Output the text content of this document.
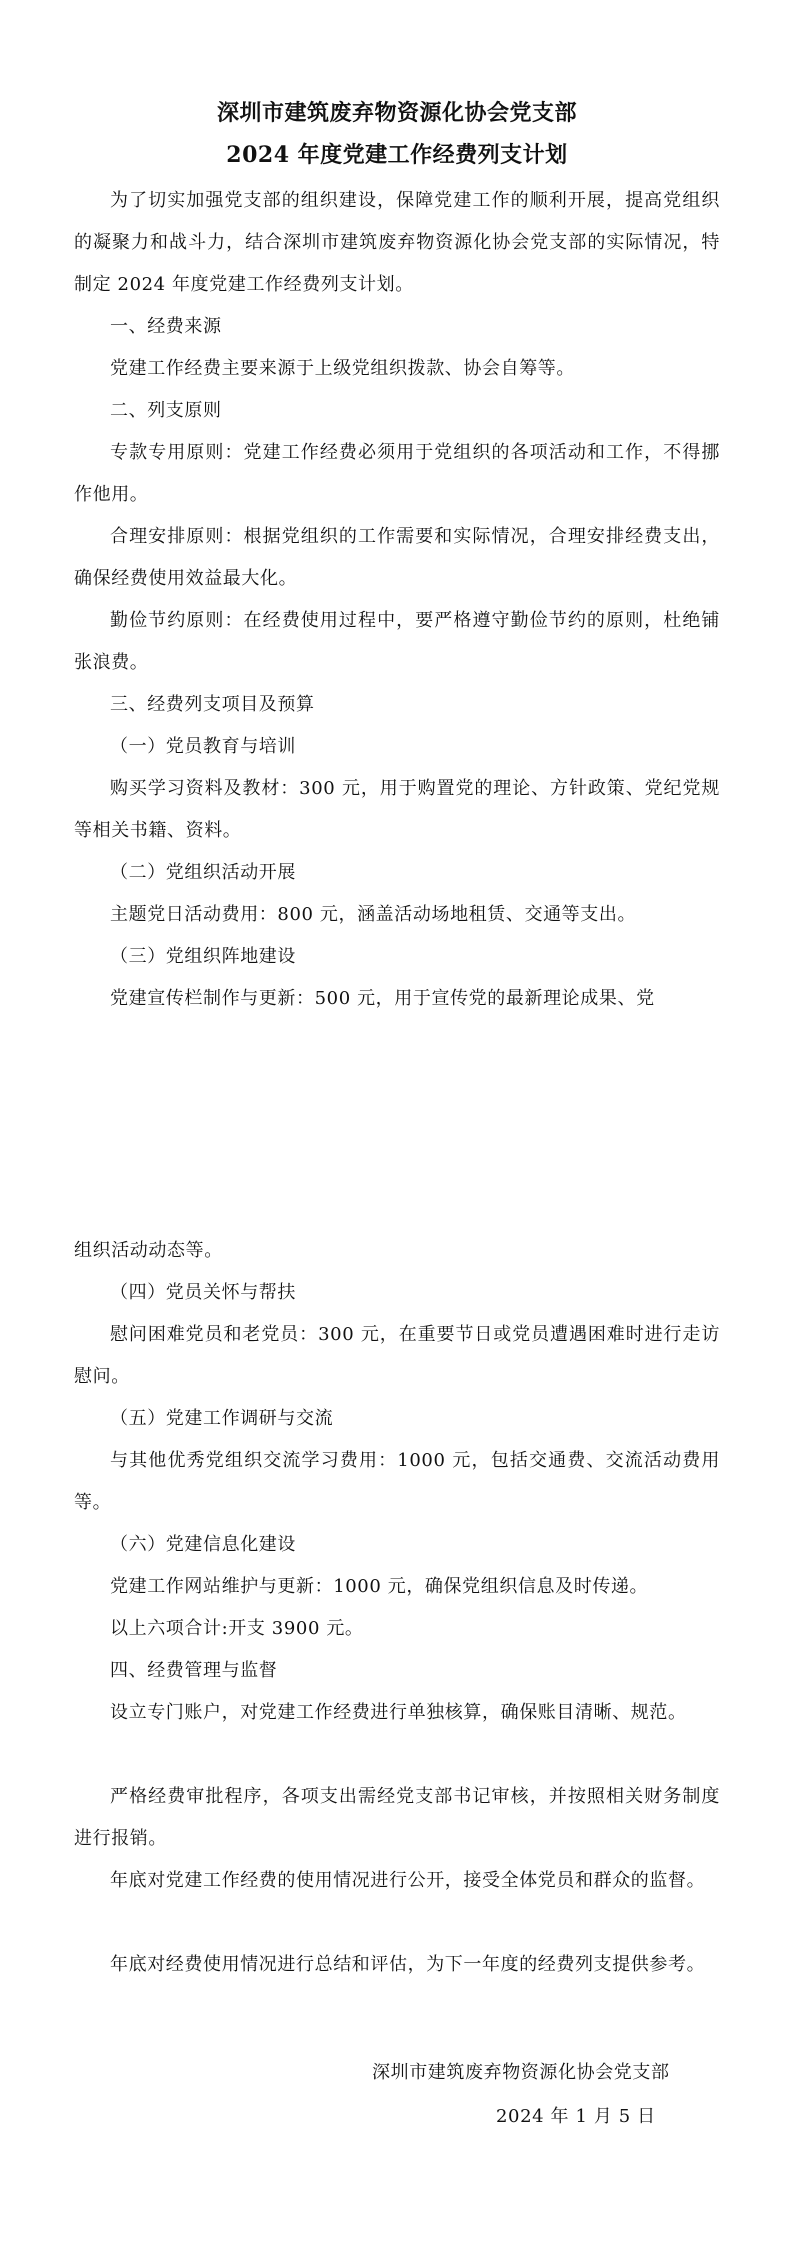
深圳市建筑废弃物资源化协会党支部
2024 年度党建工作经费列支计划

为了切实加强党支部的组织建设，保障党建工作的顺利开展，提高党组织的凝聚力和战斗力，结合深圳市建筑废弃物资源化协会党支部的实际情况，特制定 2024 年度党建工作经费列支计划。

一、经费来源

党建工作经费主要来源于上级党组织拨款、协会自筹等。

二、列支原则

专款专用原则：党建工作经费必须用于党组织的各项活动和工作，不得挪作他用。

合理安排原则：根据党组织的工作需要和实际情况，合理安排经费支出，确保经费使用效益最大化。

勤俭节约原则：在经费使用过程中，要严格遵守勤俭节约的原则，杜绝铺张浪费。

三、经费列支项目及预算

（一）党员教育与培训

购买学习资料及教材：300 元，用于购置党的理论、方针政策、党纪党规等相关书籍、资料。

（二）党组织活动开展

主题党日活动费用：800 元，涵盖活动场地租赁、交通等支出。

（三）党组织阵地建设

党建宣传栏制作与更新：500 元，用于宣传党的最新理论成果、党

组织活动动态等。

（四）党员关怀与帮扶

慰问困难党员和老党员：300 元，在重要节日或党员遭遇困难时进行走访慰问。

（五）党建工作调研与交流

与其他优秀党组织交流学习费用：1000 元，包括交通费、交流活动费用等。

（六）党建信息化建设

党建工作网站维护与更新：1000 元，确保党组织信息及时传递。

以上六项合计:开支 3900 元。

四、经费管理与监督

设立专门账户，对党建工作经费进行单独核算，确保账目清晰、规范。

严格经费审批程序，各项支出需经党支部书记审核，并按照相关财务制度进行报销。

年底对党建工作经费的使用情况进行公开，接受全体党员和群众的监督。

年底对经费使用情况进行总结和评估，为下一年度的经费列支提供参考。

深圳市建筑废弃物资源化协会党支部

2024 年 1 月 5 日
